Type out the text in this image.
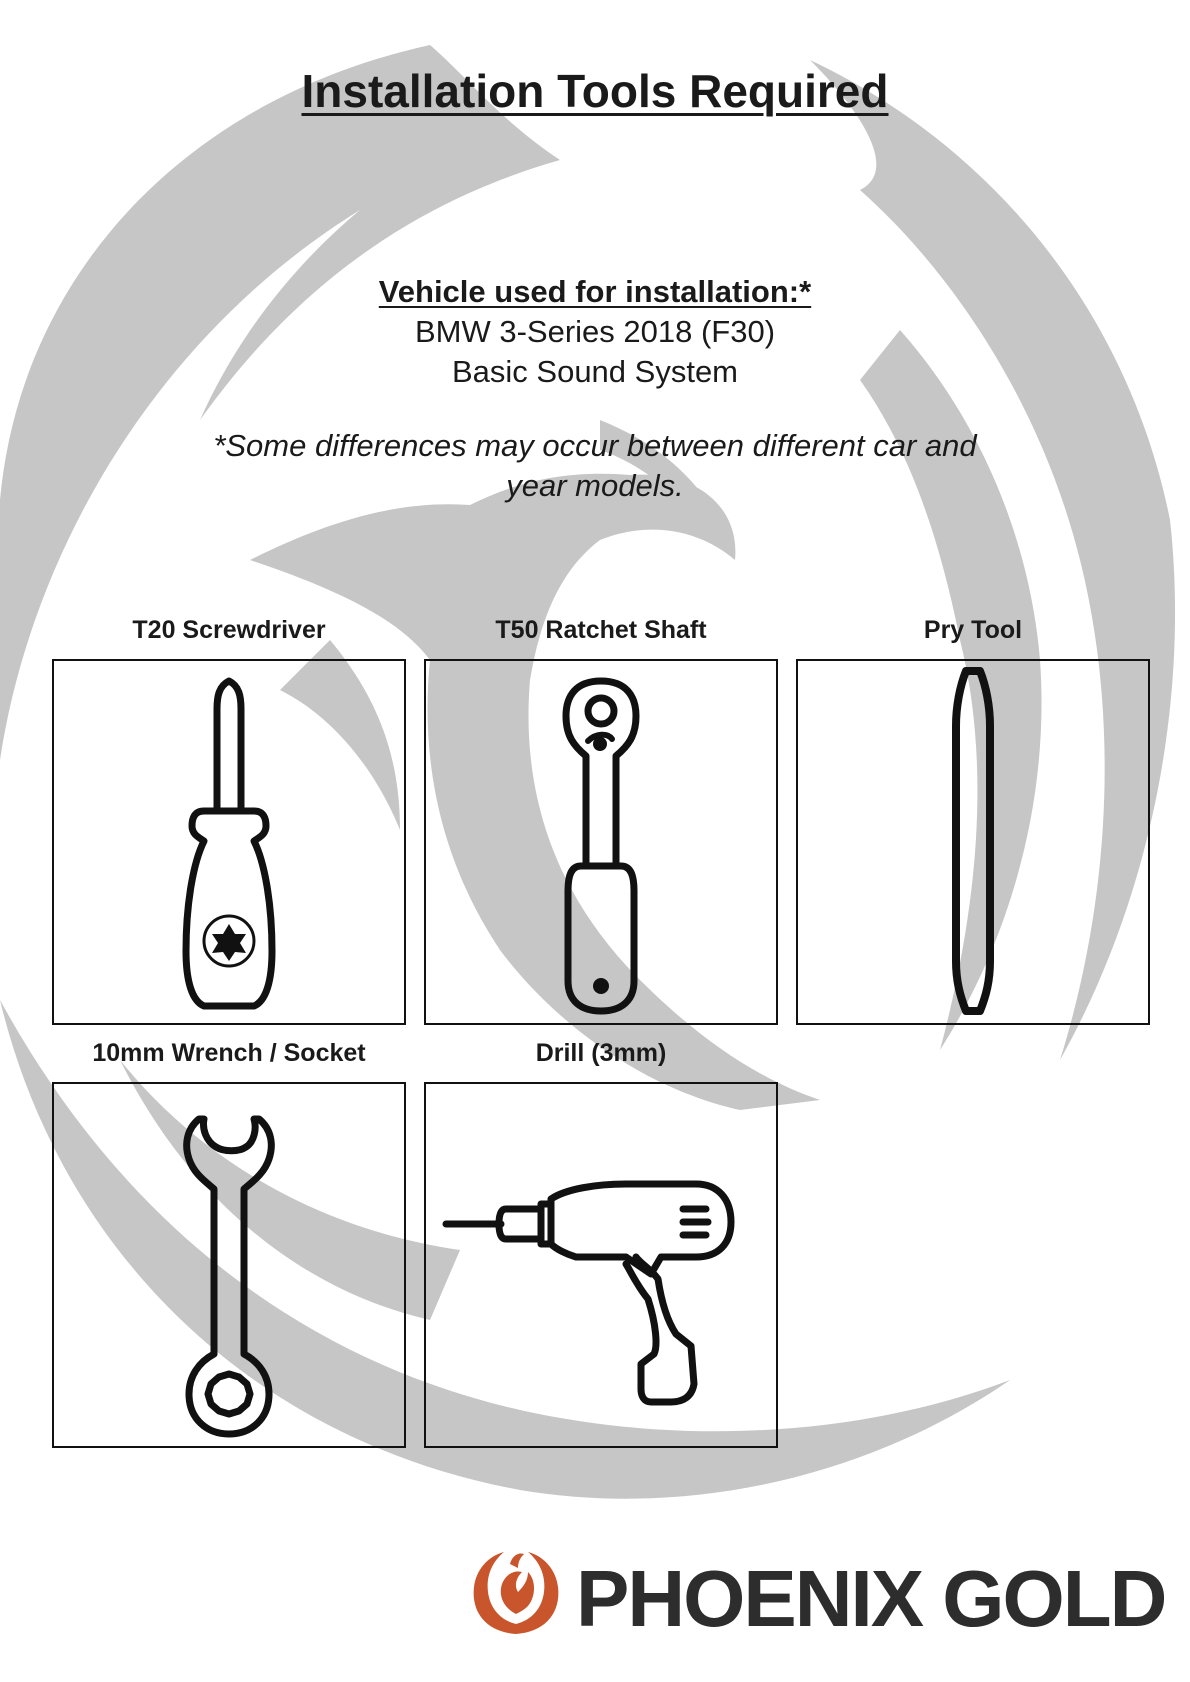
Installation Tools Required
Vehicle used for installation:*
BMW 3-Series 2018 (F30)
Basic Sound System
*Some differences may occur between different car and year models.
T20 Screwdriver	T50 Ratchet Shaft	Pry Tool
10mm Wrench / Socket	Drill (3mm)
PHOENIX GOLD
